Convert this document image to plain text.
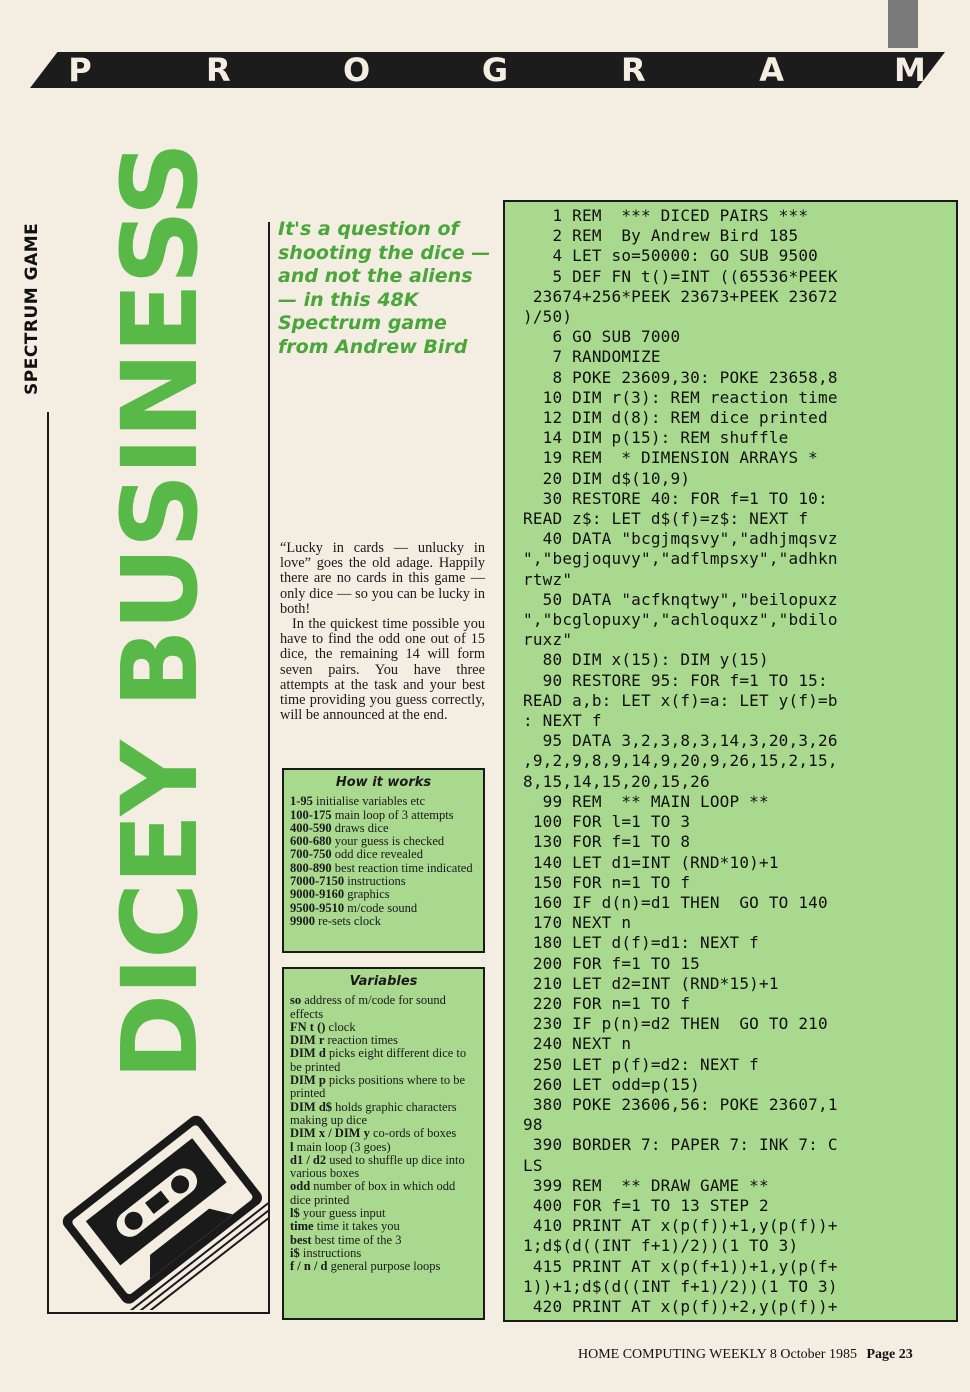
P	R	O	G	R	A	M
SPECTRUM GAME DICEY BUSINESS	It's a question of shooting the dice — and not the aliens — in this 48K Spectrum game from Andrew Bird

“Lucky in cards — unlucky in love” goes the old adage. Happily there are no cards in this game — only dice — so you can be lucky in both!

In the quickest time possible you have to find the odd one out of 15 dice, the remaining 14 will form seven pairs. You have three attempts at the task and your best time providing you guess correctly, will be announced at the end.

How it works
1-95 initialise variables etc
100-175 main loop of 3 attempts
400-590 draws dice
600-680 your guess is checked
700-750 odd dice revealed
800-890 best reaction time indicated
7000-7150 instructions
9000-9160 graphics
9500-9510 m/code sound
9900 re-sets clock
Variables
so address of m/code for sound effects
FN t () clock
DIM r reaction times
DIM d picks eight different dice to be printed
DIM p picks positions where to be printed
DIM d$ holds graphic characters making up dice
DIM x / DIM y co-ords of boxes
l main loop (3 goes)
d1 / d2 used to shuffle up dice into various boxes
odd number of box in which odd dice printed
l$ your guess input
time time it takes you
best best time of the 3
i$ instructions
f / n / d general purpose loops
1 REM  *** DICED PAIRS ***
2 REM  By Andrew Bird 185
4 LET so=50000: GO SUB 9500
5 DEF FN t()=INT ((65536*PEEK
23674+256*PEEK 23673+PEEK 23672
)/50)
6 GO SUB 7000
7 RANDOMIZE
8 POKE 23609,30: POKE 23658,8
10 DIM r(3): REM reaction time
12 DIM d(8): REM dice printed
14 DIM p(15): REM shuffle
19 REM  * DIMENSION ARRAYS *
20 DIM d$(10,9)
30 RESTORE 40: FOR f=1 TO 10:
READ z$: LET d$(f)=z$: NEXT f
40 DATA "bcgjmqsvy","adhjmqsvz
","begjoquvy","adflmpsxy","adhkn
rtwz"
50 DATA "acfknqtwy","beilopuxz
","bcglopuxy","achloquxz","bdilo
ruxz"
80 DIM x(15): DIM y(15)
90 RESTORE 95: FOR f=1 TO 15:
READ a,b: LET x(f)=a: LET y(f)=b
: NEXT f
95 DATA 3,2,3,8,3,14,3,20,3,26
,9,2,9,8,9,14,9,20,9,26,15,2,15,
8,15,14,15,20,15,26
99 REM  ** MAIN LOOP **
100 FOR l=1 TO 3
130 FOR f=1 TO 8
140 LET d1=INT (RND*10)+1
150 FOR n=1 TO f
160 IF d(n)=d1 THEN  GO TO 140
170 NEXT n
180 LET d(f)=d1: NEXT f
200 FOR f=1 TO 15
210 LET d2=INT (RND*15)+1
220 FOR n=1 TO f
230 IF p(n)=d2 THEN  GO TO 210
240 NEXT n
250 LET p(f)=d2: NEXT f
260 LET odd=p(15)
380 POKE 23606,56: POKE 23607,1
98
390 BORDER 7: PAPER 7: INK 7: C
LS
399 REM  ** DRAW GAME **
400 FOR f=1 TO 13 STEP 2
410 PRINT AT x(p(f))+1,y(p(f))+
1;d$(d((INT f+1)/2))(1 TO 3)
415 PRINT AT x(p(f+1))+1,y(p(f+
1))+1;d$(d((INT f+1)/2))(1 TO 3)
420 PRINT AT x(p(f))+2,y(p(f))+
HOME COMPUTING WEEKLY 8 October 1985 Page 23
